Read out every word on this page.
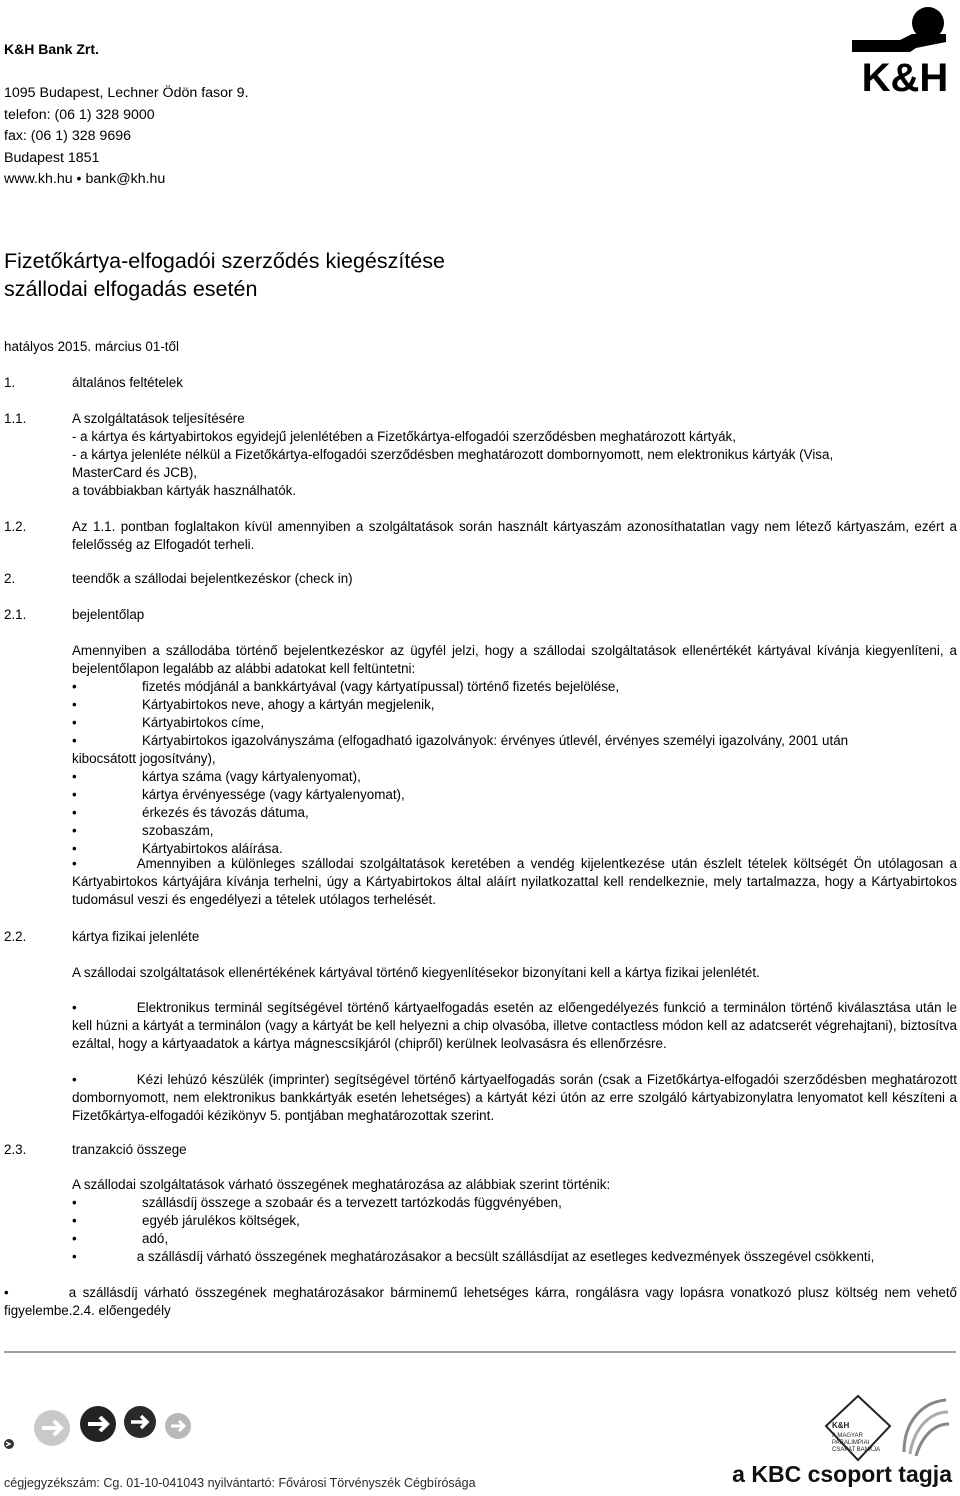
K&H Bank Zrt.
1095 Budapest, Lechner Ödön fasor 9.
telefon: (06 1) 328 9000
fax: (06 1) 328 9696
Budapest 1851
www.kh.hu • bank@kh.hu
K&H
Fizetőkártya-elfogadói szerződés kiegészítése
szállodai elfogadás esetén
hatályos 2015. március 01-től
1.	általános feltételek
1.1.	A szolgáltatások teljesítésére
- a kártya és kártyabirtokos egyidejű jelenlétében a Fizetőkártya-elfogadói szerződésben meghatározott kártyák,
- a kártya jelenléte nélkül a Fizetőkártya-elfogadói szerződésben meghatározott dombornyomott, nem elektronikus kártyák (Visa,
MasterCard és JCB),
a továbbiakban kártyák használhatók.
1.2.	Az 1.1. pontban foglaltakon kívül amennyiben a szolgáltatások során használt kártyaszám azonosíthatatlan vagy nem létező kártyaszám, ezért a felelősség az Elfogadót terheli.
2.	teendők a szállodai bejelentkezéskor (check in)
2.1.	bejelentőlap
Amennyiben a szállodába történő bejelentkezéskor az ügyfél jelzi, hogy a szállodai szolgáltatások ellenértékét kártyával kívánja kiegyenlíteni, a bejelentőlapon legalább az alábbi adatokat kell feltüntetni:
•	fizetés módjánál a bankkártyával (vagy kártyatípussal) történő fizetés bejelölése,
•	Kártyabirtokos neve, ahogy a kártyán megjelenik,
•	Kártyabirtokos címe,
•	Kártyabirtokos igazolványszáma (elfogadható igazolványok: érvényes útlevél, érvényes személyi igazolvány, 2001 után
kibocsátott jogosítvány),
•	kártya száma (vagy kártyalenyomat),
•	kártya érvényessége (vagy kártyalenyomat),
•	érkezés és távozás dátuma,
•	szobaszám,
•	Kártyabirtokos aláírása.
•	Amennyiben a különleges szállodai szolgáltatások keretében a vendég kijelentkezése után észlelt tételek költségét Ön utólagosan a Kártyabirtokos kártyájára kívánja terhelni, úgy a Kártyabirtokos által aláírt nyilatkozattal kell rendelkeznie, mely tartalmazza, hogy a Kártyabirtokos tudomásul veszi és engedélyezi a tételek utólagos terhelését.
2.2.	kártya fizikai jelenléte
A szállodai szolgáltatások ellenértékének kártyával történő kiegyenlítésekor bizonyítani kell a kártya fizikai jelenlétét.
•	Elektronikus terminál segítségével történő kártyaelfogadás esetén az előengedélyezés funkció a terminálon történő kiválasztása után le kell húzni a kártyát a terminálon (vagy a kártyát be kell helyezni a chip olvasóba, illetve contactless módon kell az adatcserét végrehajtani), biztosítva ezáltal, hogy a kártyaadatok a kártya mágnescsíkjáról (chipről) kerülnek leolvasásra és ellenőrzésre.
•	Kézi lehúzó készülék (imprinter) segítségével történő kártyaelfogadás során (csak a Fizetőkártya-elfogadói szerződésben meghatározott dombornyomott, nem elektronikus bankkártyák esetén lehetséges) a kártyát kézi útón az erre szolgáló kártyabizonylatra lenyomatot kell készíteni a Fizetőkártya-elfogadói kézikönyv 5. pontjában meghatározottak szerint.
2.3.	tranzakció összege
A szállodai szolgáltatások várható összegének meghatározása az alábbiak szerint történik:
•	szállásdíj összege a szobaár és a tervezett tartózkodás függvényében,
•	egyéb járulékos költségek,
•	adó,
•	a szállásdíj várható összegének meghatározásakor a becsült szállásdíjat az esetleges kedvezmények összegével csökkenti,
•	a szállásdíj várható összegének meghatározásakor bárminemű lehetséges kárra, rongálásra vagy lopásra vonatkozó plusz költség nem vehető figyelembe.2.4. előengedély
K&H
A MAGYAR
PARALIMPIAI
CSAPAT BANKJA
cégjegyzékszám: Cg. 01-10-041043 nyilvántartó: Fővárosi Törvényszék Cégbírósága	a KBC csoport tagja
